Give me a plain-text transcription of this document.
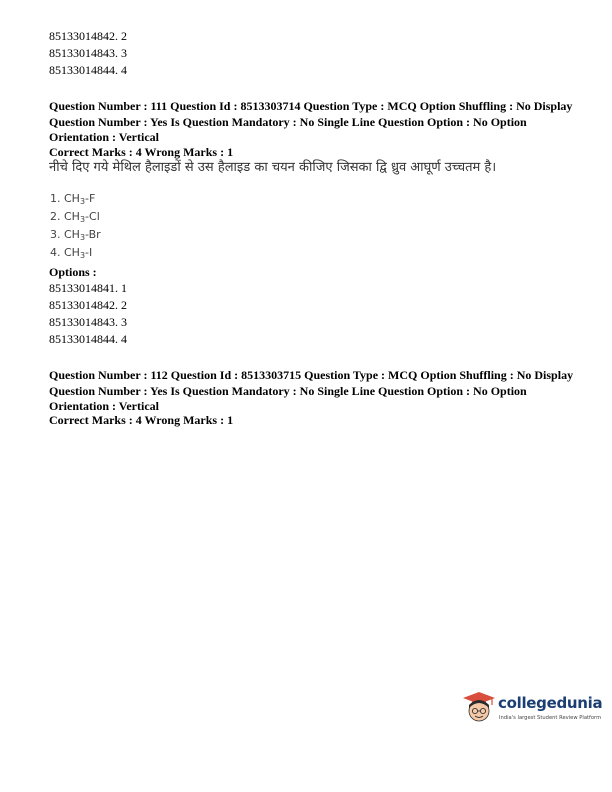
85133014842. 2
85133014843. 3
85133014844. 4
Question Number : 111 Question Id : 8513303714 Question Type : MCQ Option Shuffling : No Display Question Number : Yes Is Question Mandatory : No Single Line Question Option : No Option Orientation : Vertical
Correct Marks : 4 Wrong Marks : 1
नीचे दिए गये मेथिल हैलाइडों से उस हैलाइड का चयन कीजिए जिसका द्वि ध्रुव आघूर्ण उच्चतम है।
1. $CH_3-F$
2. $CH_3-Cl$
3. $CH_3-Br$
4. $CH_3-I$
Options :
85133014841. 1
85133014842. 2
85133014843. 3
85133014844. 4
Question Number : 112 Question Id : 8513303715 Question Type : MCQ Option Shuffling : No Display Question Number : Yes Is Question Mandatory : No Single Line Question Option : No Option Orientation : Vertical
Correct Marks : 4 Wrong Marks : 1
collegedunia
India's largest Student Review Platform
